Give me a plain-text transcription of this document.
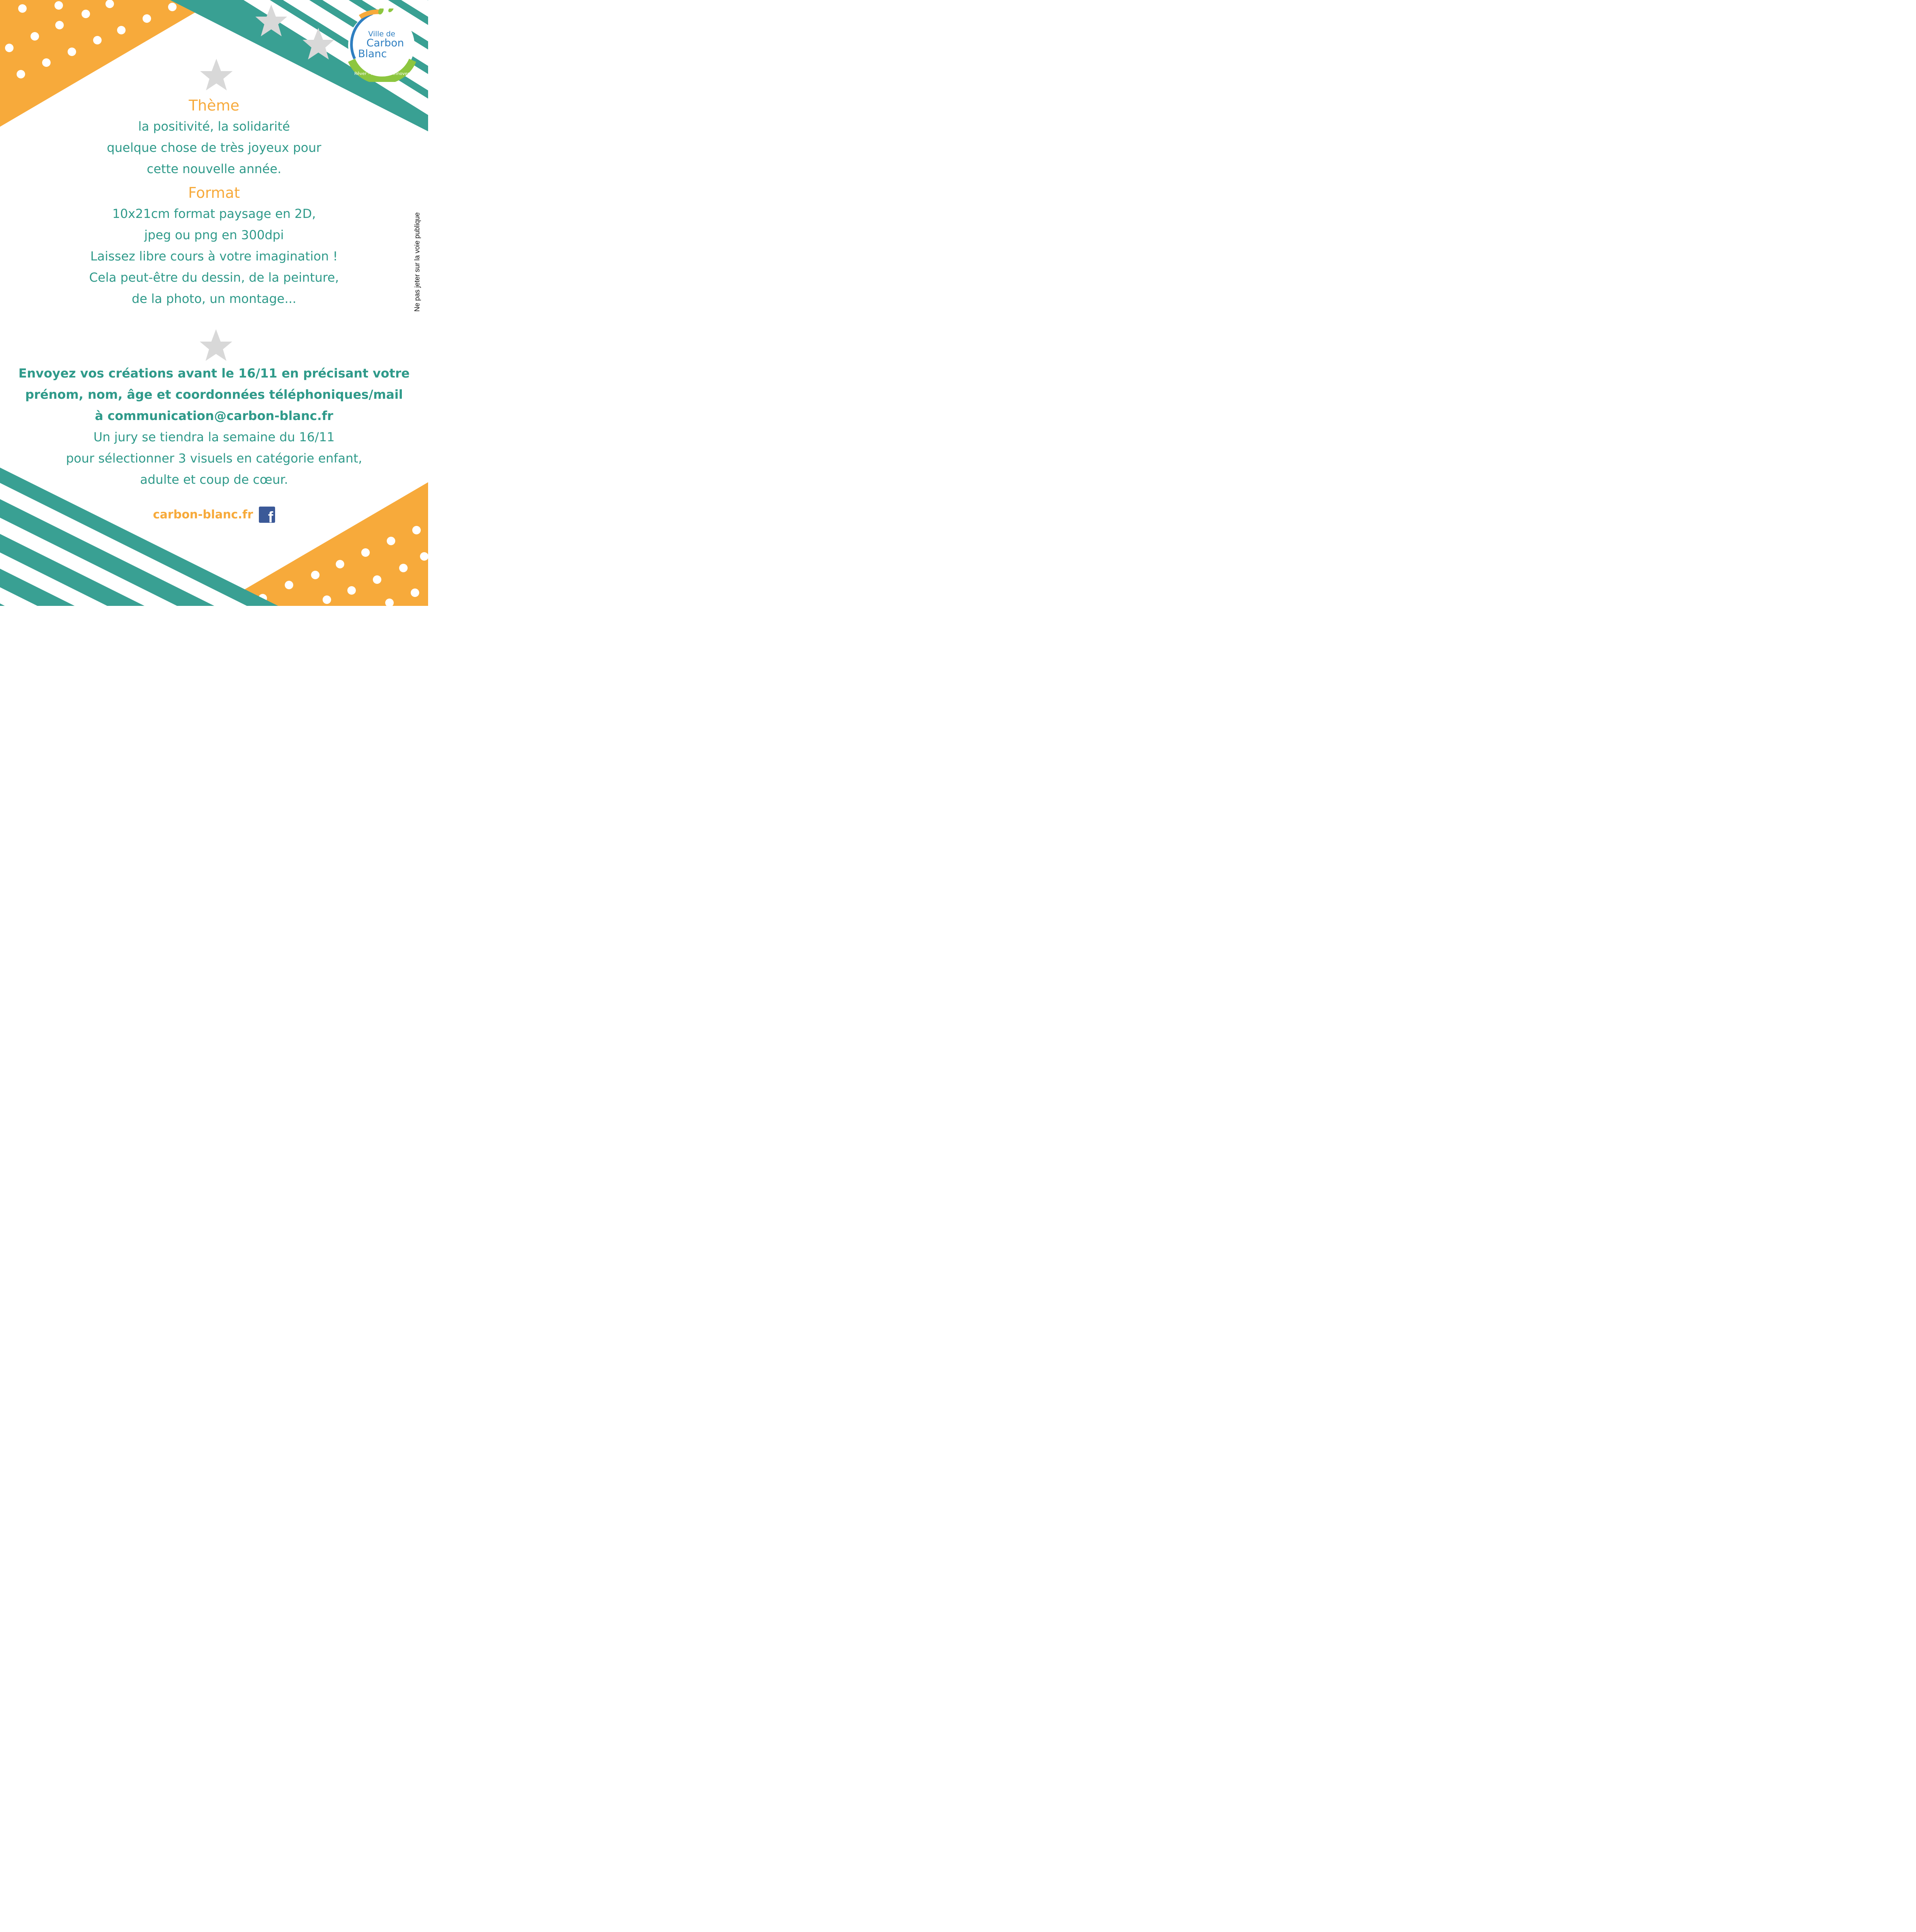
Ville de
Carbon
Blanc
Rêver - Partager - Innover

Thème

la positivité, la solidarité

quelque chose de très joyeux pour

cette nouvelle année.

Format

10x21cm format paysage en 2D,

jpeg ou png en 300dpi

Laissez libre cours à votre imagination !

Cela peut-être du dessin, de la peinture,

de la photo, un montage...

Envoyez vos créations avant le 16/11 en précisant votre

prénom, nom, âge et coordonnées téléphoniques/mail

à communication@carbon-blanc.fr

Un jury se tiendra la semaine du 16/11

pour sélectionner 3 visuels en catégorie enfant,

adulte et coup de cœur.

carbon-blanc.fr f
Ne pas jeter sur la voie publique
